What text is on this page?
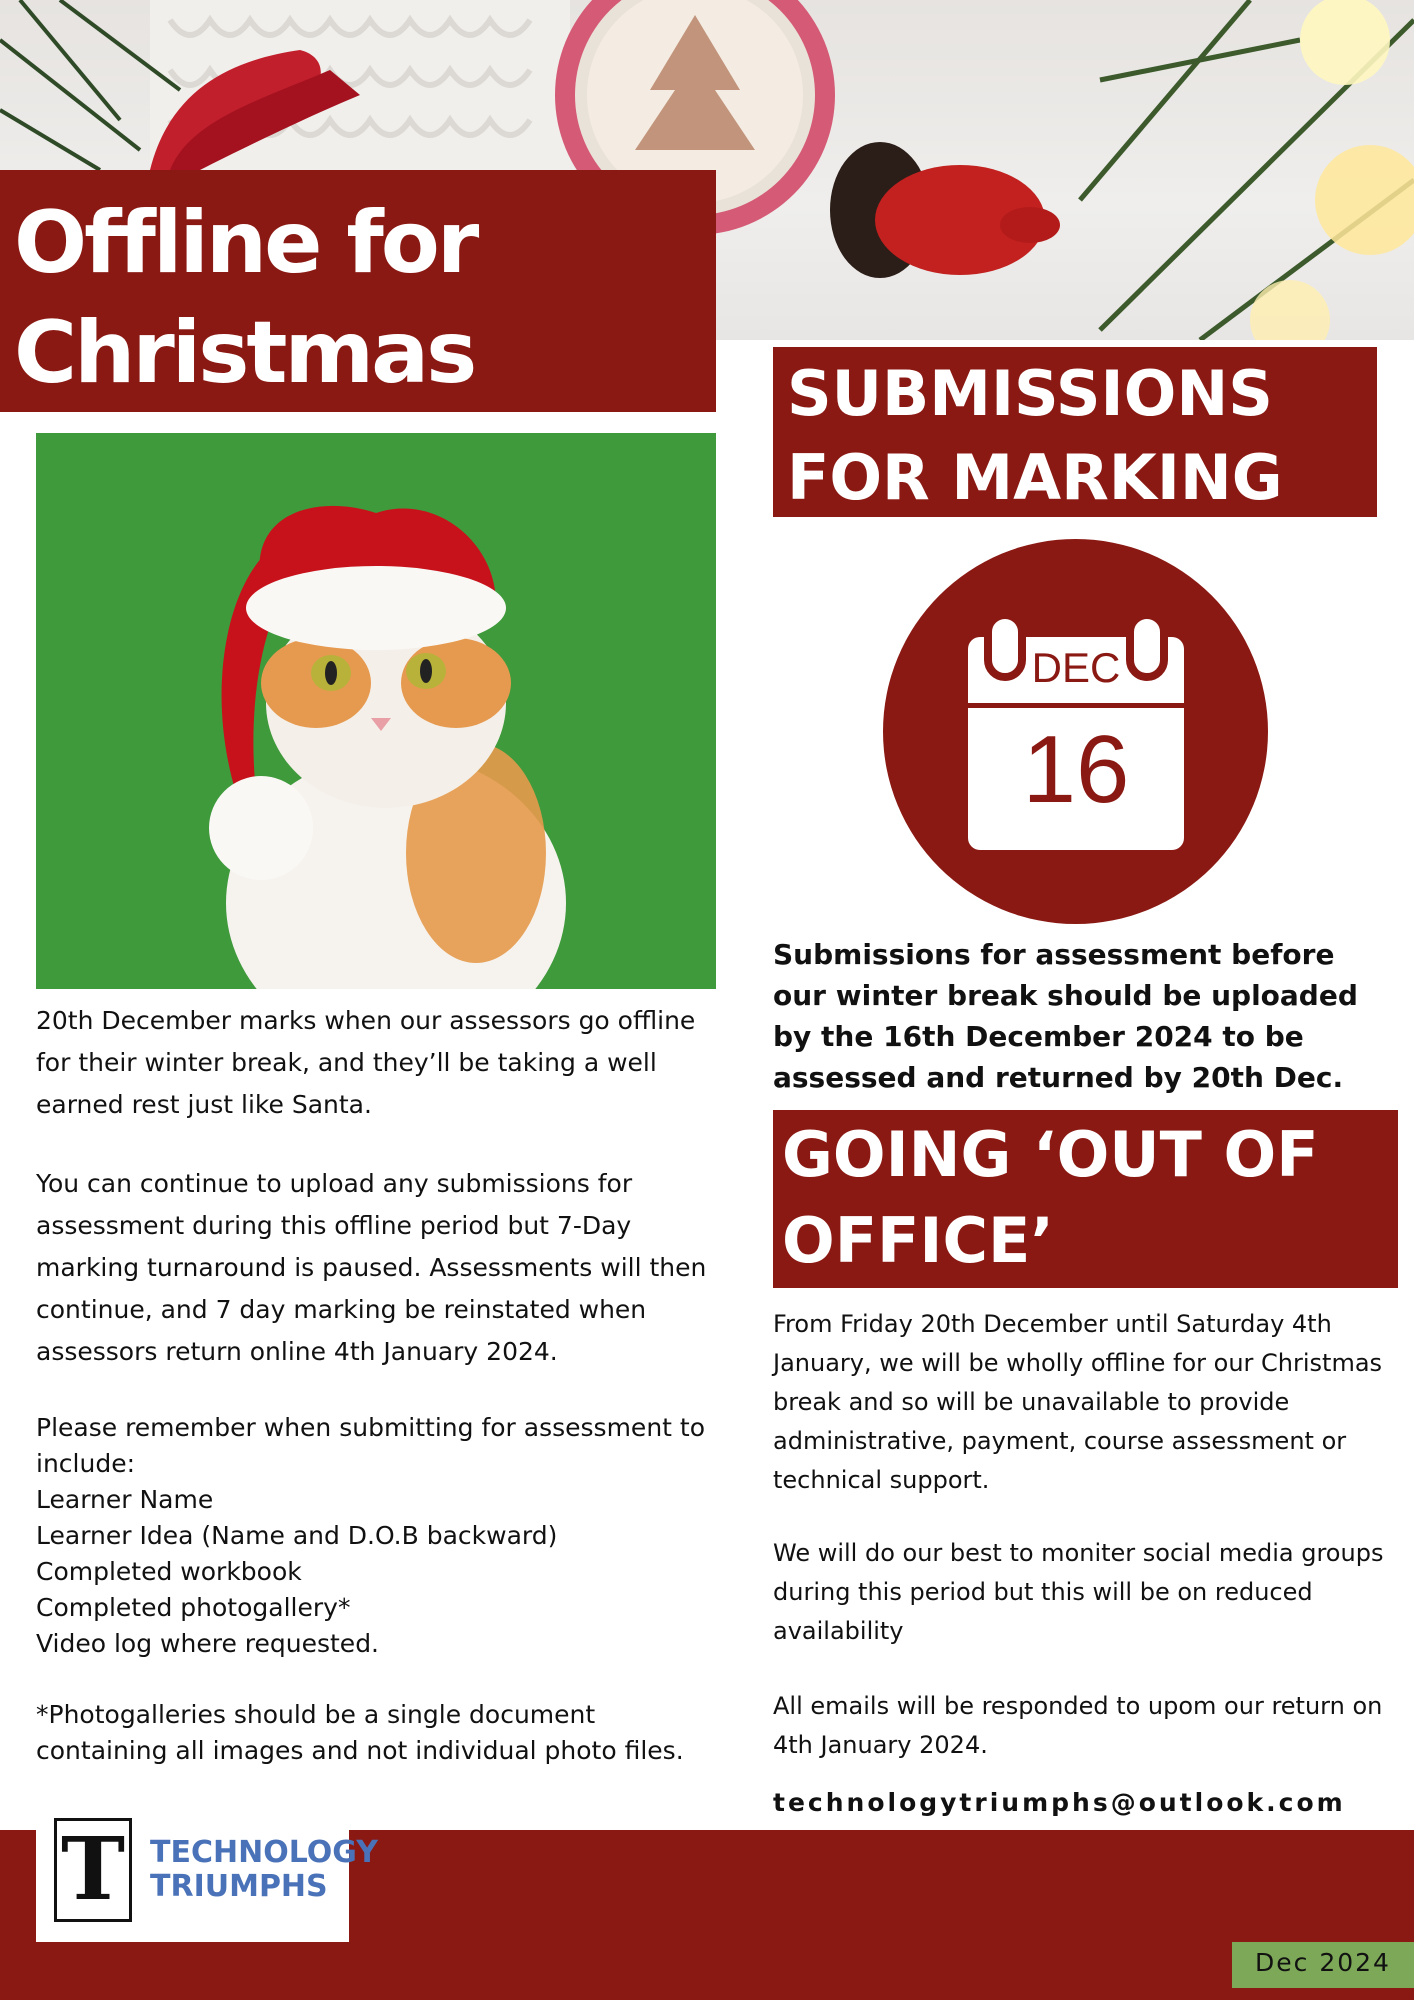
Offline for
Christmas
20th December marks when our assessors go offline for their winter break, and they’ll be taking a well earned rest just like Santa.
You can continue to upload any submissions for assessment during this offline period but 7-Day marking turnaround is paused. Assessments will then continue, and 7 day marking be reinstated when assessors return online 4th January 2024.
Please remember when submitting for assessment to include:
Learner Name
Learner Idea (Name and D.O.B backward)
Completed workbook
Completed photogallery*
Video log where requested.
*Photogalleries should be a single document containing all images and not individual photo files.
SUBMISSIONS
FOR MARKING
DEC
16
Submissions for assessment before our winter break should be uploaded by the 16th December 2024 to be assessed and returned by 20th Dec.
GOING ‘OUT OF
OFFICE’
From Friday 20th December until Saturday 4th January, we will be wholly offline for our Christmas break and so will be unavailable to provide administrative, payment, course assessment or technical support.
We will do our best to moniter social media groups during this period but this will be on reduced availability
All emails will be responded to upom our return on 4th January 2024.
technologytriumphs@outlook.com
T TECHNOLOGY
TRIUMPHS
Dec 2024
